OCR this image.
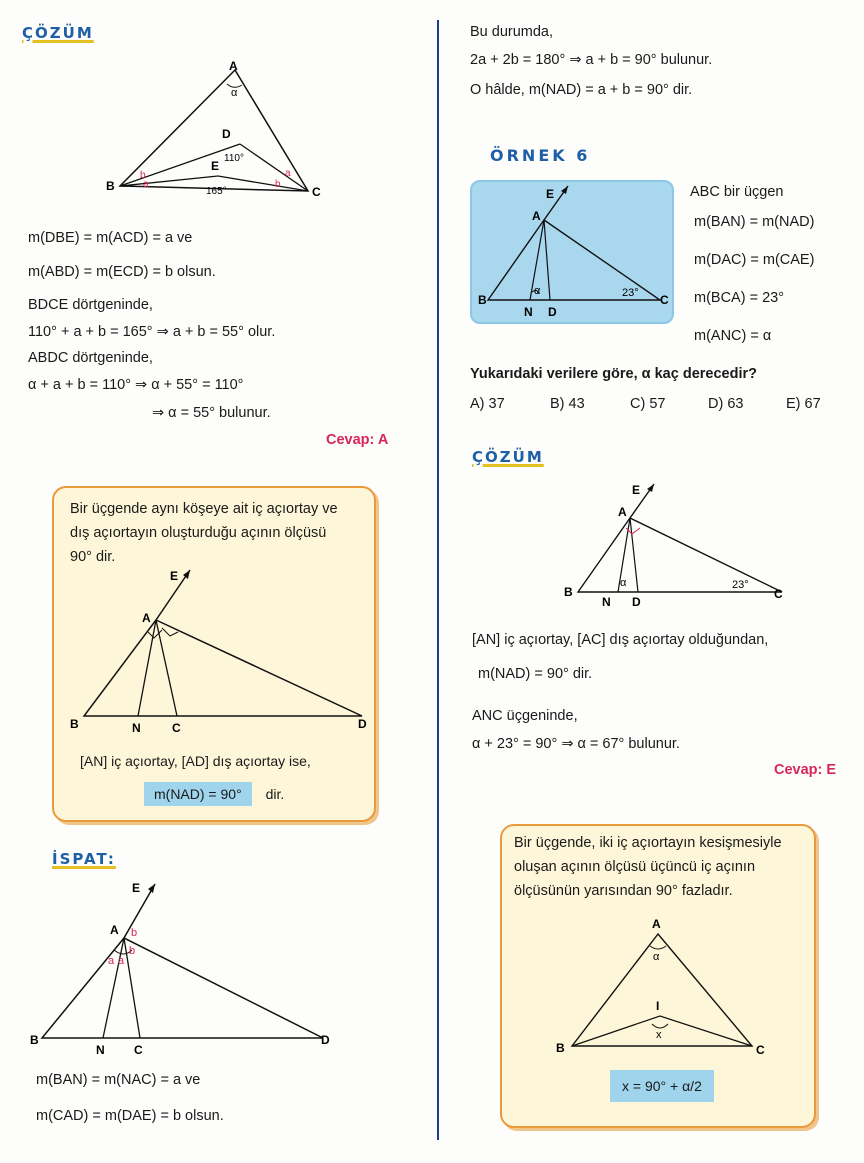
ÇÖZÜM
A
α
D
110°
E
165°
B	C
b
a	b
a
m(DBE) = m(ACD) = a ve
m(ABD) = m(ECD) = b olsun.
BDCE dörtgeninde,
110° + a + b = 165° ⇒ a + b = 55° olur.
ABDC dörtgeninde,
α + a + b = 110° ⇒ α + 55° = 110°
⇒ α = 55° bulunur.
Cevap: A
Bir üçgende aynı köşeye ait iç açıortay ve
dış açıortayın oluşturduğu açının ölçüsü
90° dir.
E
A
B	N	C	D
[AN] iç açıortay, [AD] dış açıortay ise,
m(NAD) = 90° dir.
İSPAT:
E
A b
b
a a
B
N C
D
m(BAN) = m(NAC) = a ve
m(CAD) = m(DAE) = b olsun.
Bu durumda,
2a + 2b = 180° ⇒ a + b = 90° bulunur.
O hâlde, m(NAD) = a + b = 90° dir.
ÖRNEK 6
E
A
α	23°
B
N D
C
ABC bir üçgen
m(BAN) = m(NAD)
m(DAC) = m(CAE)
m(BCA) = 23°
m(ANC) = α
Yukarıdaki verilere göre, α kaç derecedir?
A) 37	B) 43	C) 57	D) 63	E) 67
ÇÖZÜM
E
A
α	23°
B
N D
C
[AN] iç açıortay, [AC] dış açıortay olduğundan,
m(NAD) = 90° dir.
ANC üçgeninde,
α + 23° = 90° ⇒ α = 67° bulunur.
Cevap: E
Bir üçgende, iki iç açıortayın kesişmesiyle
oluşan açının ölçüsü üçüncü iç açının
ölçüsünün yarısından 90° fazladır.
A
α
I
x
B	C
x = 90° + α/2
